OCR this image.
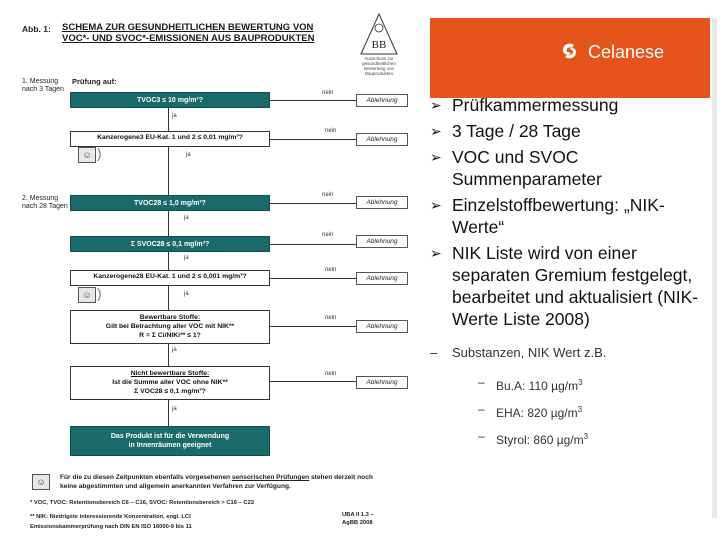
Abb. 1: SCHEMA ZUR GESUNDHEITLICHEN BEWERTUNG VON
VOC*- UND SVOC*-EMISSIONEN AUS BAUPRODUKTEN
BB
Ausschuss zur gesundheitlichen Bewertung von Bauprodukten
1. Messung nach 3 Tagen
Prüfung auf:
2. Messung nach 28 Tagen
TVOC3 ≤ 10 mg/m³?
nein
Ablehnung
ja
Kanzerogene3 EU-Kat. 1 und 2 ≤ 0,01 mg/m³?
nein
Ablehnung
☺ )	ja
TVOC28 ≤ 1,0 mg/m³?
nein
Ablehnung
ja
Σ SVOC28 ≤ 0,1 mg/m³?
nein
Ablehnung
ja
Kanzerogene28 EU-Kat. 1 und 2 ≤ 0,001 mg/m³?
nein
Ablehnung
☺ )	ja
Bewertbare Stoffe:
Gilt bei Betrachtung aller VOC mit NIK**
R = Σ Ci/NIKi** ≤ 1?
nein
Ablehnung
ja
Nicht bewertbare Stoffe:
Ist die Summe aller VOC ohne NIK**
Σ VOC28 ≤ 0,1 mg/m³?
nein
Ablehnung
ja
Das Produkt ist für die Verwendung
in Innenräumen geeignet
☺	Für die zu diesen Zeitpunkten ebenfalls vorgesehenen sensorischen Prüfungen stehen derzeit noch keine abgestimmten und allgemein anerkannten Verfahren zur Verfügung.
* VOC, TVOC: Retentionsbereich C6 – C16, SVOC: Retentionsbereich > C16 – C22
** NIK: Niedrigste interessierende Konzentration, engl. LCI
Emissionskammerprüfung nach DIN EN ISO 16000-9 bis 11
UBA II 1.3 –
AgBB 2008
Celanese
➢ Prüfkammermessung
➢ 3 Tage / 28 Tage
➢ VOC und SVOC Summenparameter
➢ Einzelstoffbewertung: „NIK-Werte“
➢ NIK Liste wird von einer separaten Gremium festgelegt, bearbeitet und aktualisiert (NIK-Werte Liste 2008)
– Substanzen, NIK Wert z.B.
– Bu.A: 110 $\mu g/m^3$
– EHA: 820 $\mu g/m^3$
– Styrol: 860 $\mu g/m^3$
